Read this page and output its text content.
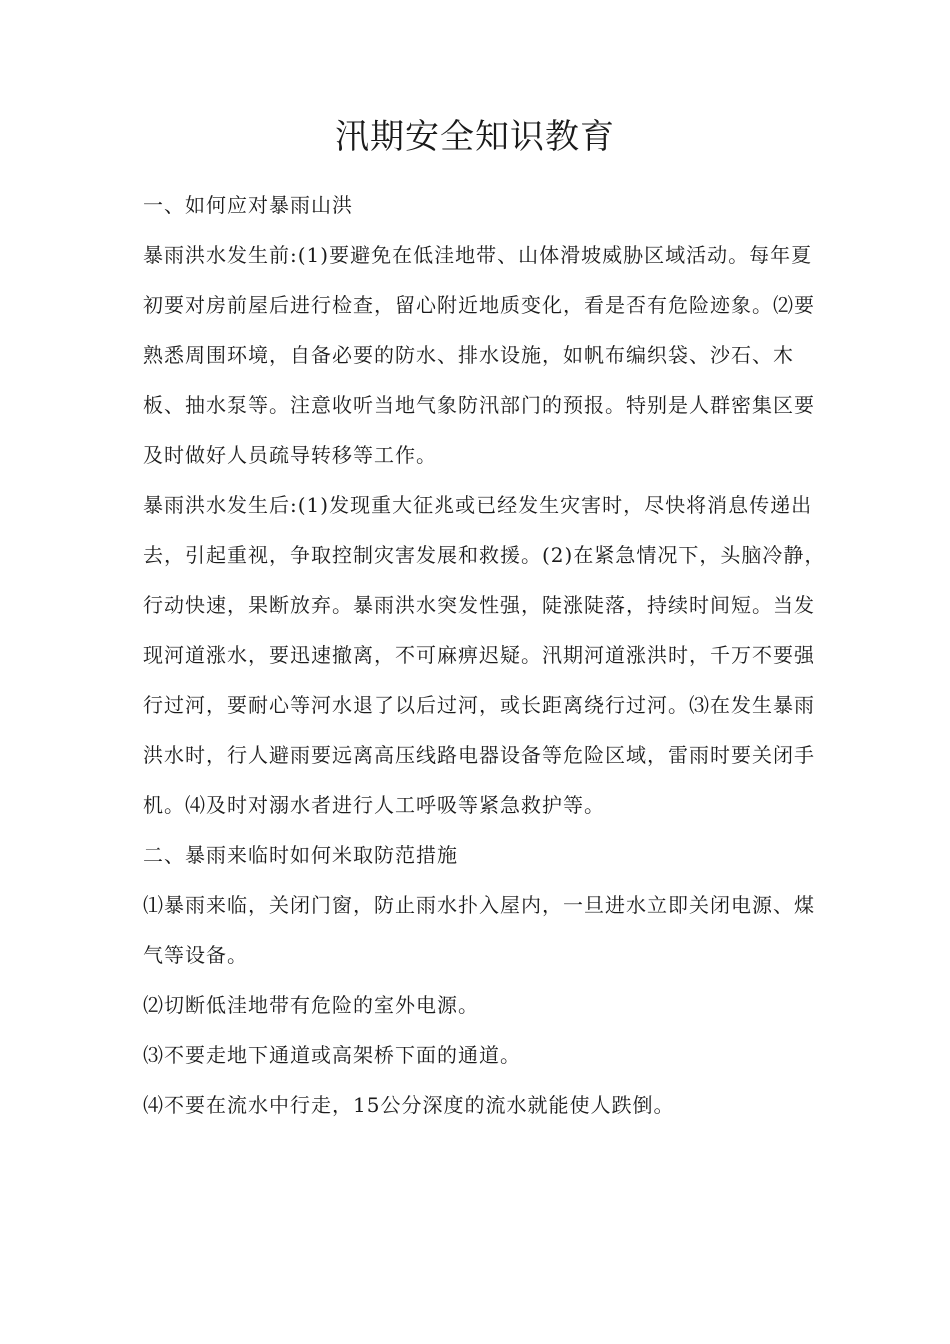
汛期安全知识教育

一、如何应对暴雨山洪

暴雨洪水发生前:(1)要避免在低洼地带、山体滑坡威胁区域活动。每年夏初要对房前屋后进行检查，留心附近地质变化，看是否有危险迹象。⑵要熟悉周围环境，自备必要的防水、排水设施，如帆布编织袋、沙石、木板、抽水泵等。注意收听当地气象防汛部门的预报。特别是人群密集区要及时做好人员疏导转移等工作。

暴雨洪水发生后:(1)发现重大征兆或已经发生灾害时，尽快将消息传递出去，引起重视，争取控制灾害发展和救援。(2)在紧急情况下，头脑冷静，行动快速，果断放弃。暴雨洪水突发性强，陡涨陡落，持续时间短。当发现河道涨水，要迅速撤离，不可麻痹迟疑。汛期河道涨洪时，千万不要强行过河，要耐心等河水退了以后过河，或长距离绕行过河。⑶在发生暴雨洪水时，行人避雨要远离高压线路电器设备等危险区域，雷雨时要关闭手机。⑷及时对溺水者进行人工呼吸等紧急救护等。

二、暴雨来临时如何米取防范措施

⑴暴雨来临，关闭门窗，防止雨水扑入屋内，一旦进水立即关闭电源、煤气等设备。

⑵切断低洼地带有危险的室外电源。

⑶不要走地下通道或高架桥下面的通道。

⑷不要在流水中行走，15公分深度的流水就能使人跌倒。
